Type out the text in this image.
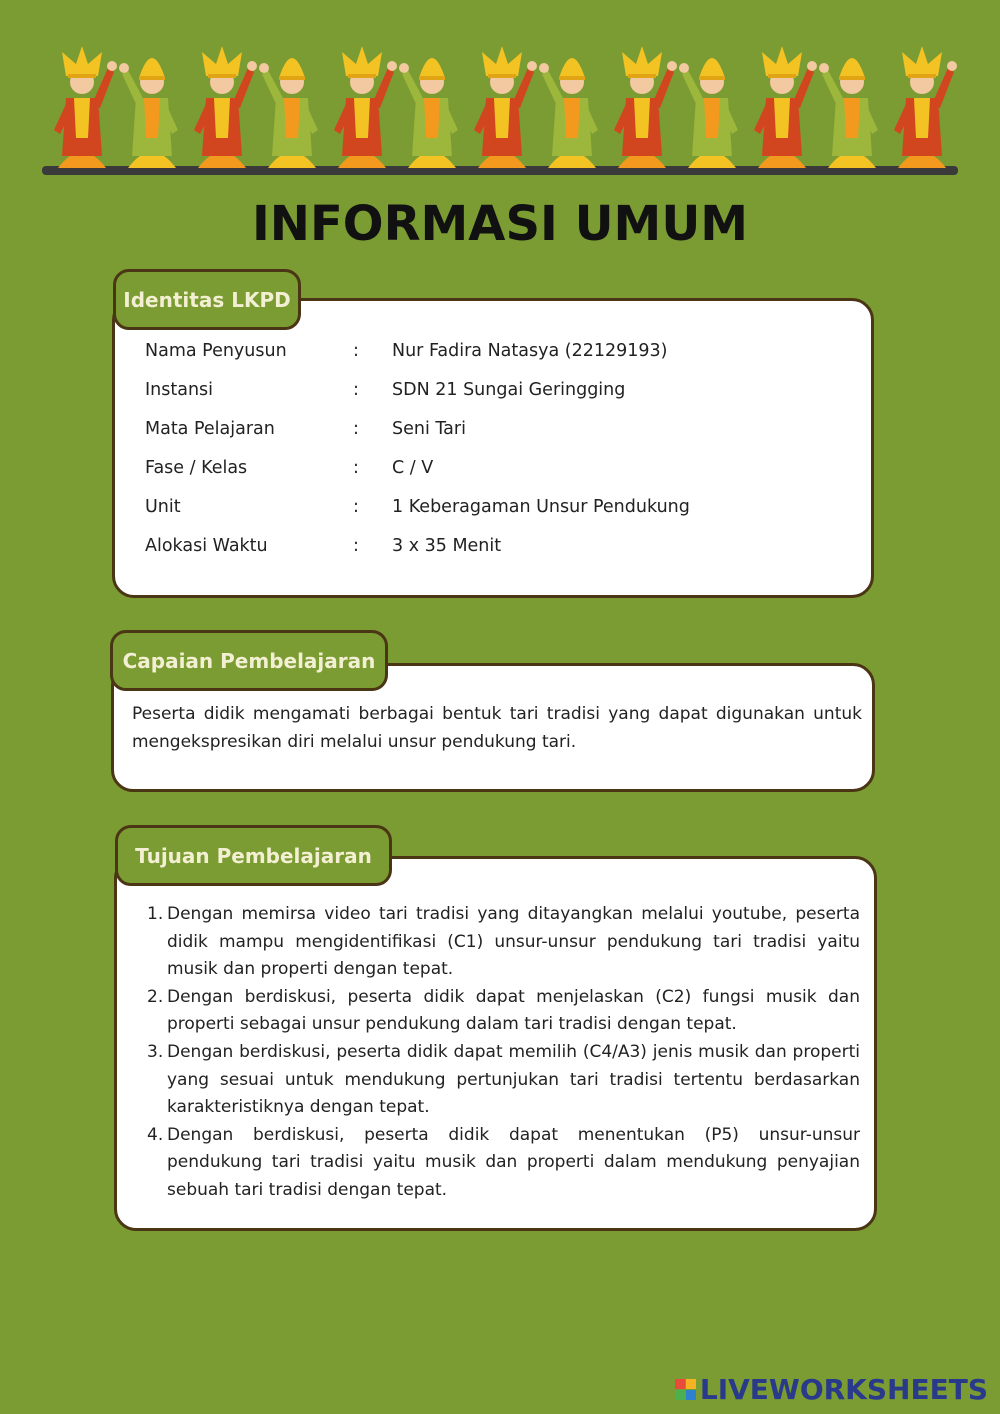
INFORMASI UMUM
Nama Penyusun	: Nur Fadira Natasya (22129193)
Instansi	: SDN 21 Sungai Geringging
Mata Pelajaran	: Seni Tari
Fase / Kelas	: C / V
Unit	: 1 Keberagaman Unsur Pendukung
Alokasi Waktu	: 3 x 35 Menit
Identitas LKPD

Peserta didik mengamati berbagai bentuk tari tradisi yang dapat digunakan untuk mengekspresikan diri melalui unsur pendukung tari.

Capaian Pembelajaran
1. Dengan memirsa video tari tradisi yang ditayangkan melalui youtube, peserta didik mampu mengidentifikasi (C1) unsur-unsur pendukung tari tradisi yaitu musik dan properti dengan tepat.
2. Dengan berdiskusi, peserta didik dapat menjelaskan (C2) fungsi musik dan properti sebagai unsur pendukung dalam tari tradisi dengan tepat.
3. Dengan berdiskusi, peserta didik dapat memilih (C4/A3) jenis musik dan properti yang sesuai untuk mendukung pertunjukan tari tradisi tertentu berdasarkan karakteristiknya dengan tepat.
4. Dengan berdiskusi, peserta didik dapat menentukan (P5) unsur-unsur pendukung tari tradisi yaitu musik dan properti dalam mendukung penyajian sebuah tari tradisi dengan tepat.
Tujuan Pembelajaran
LIVEWORKSHEETS
